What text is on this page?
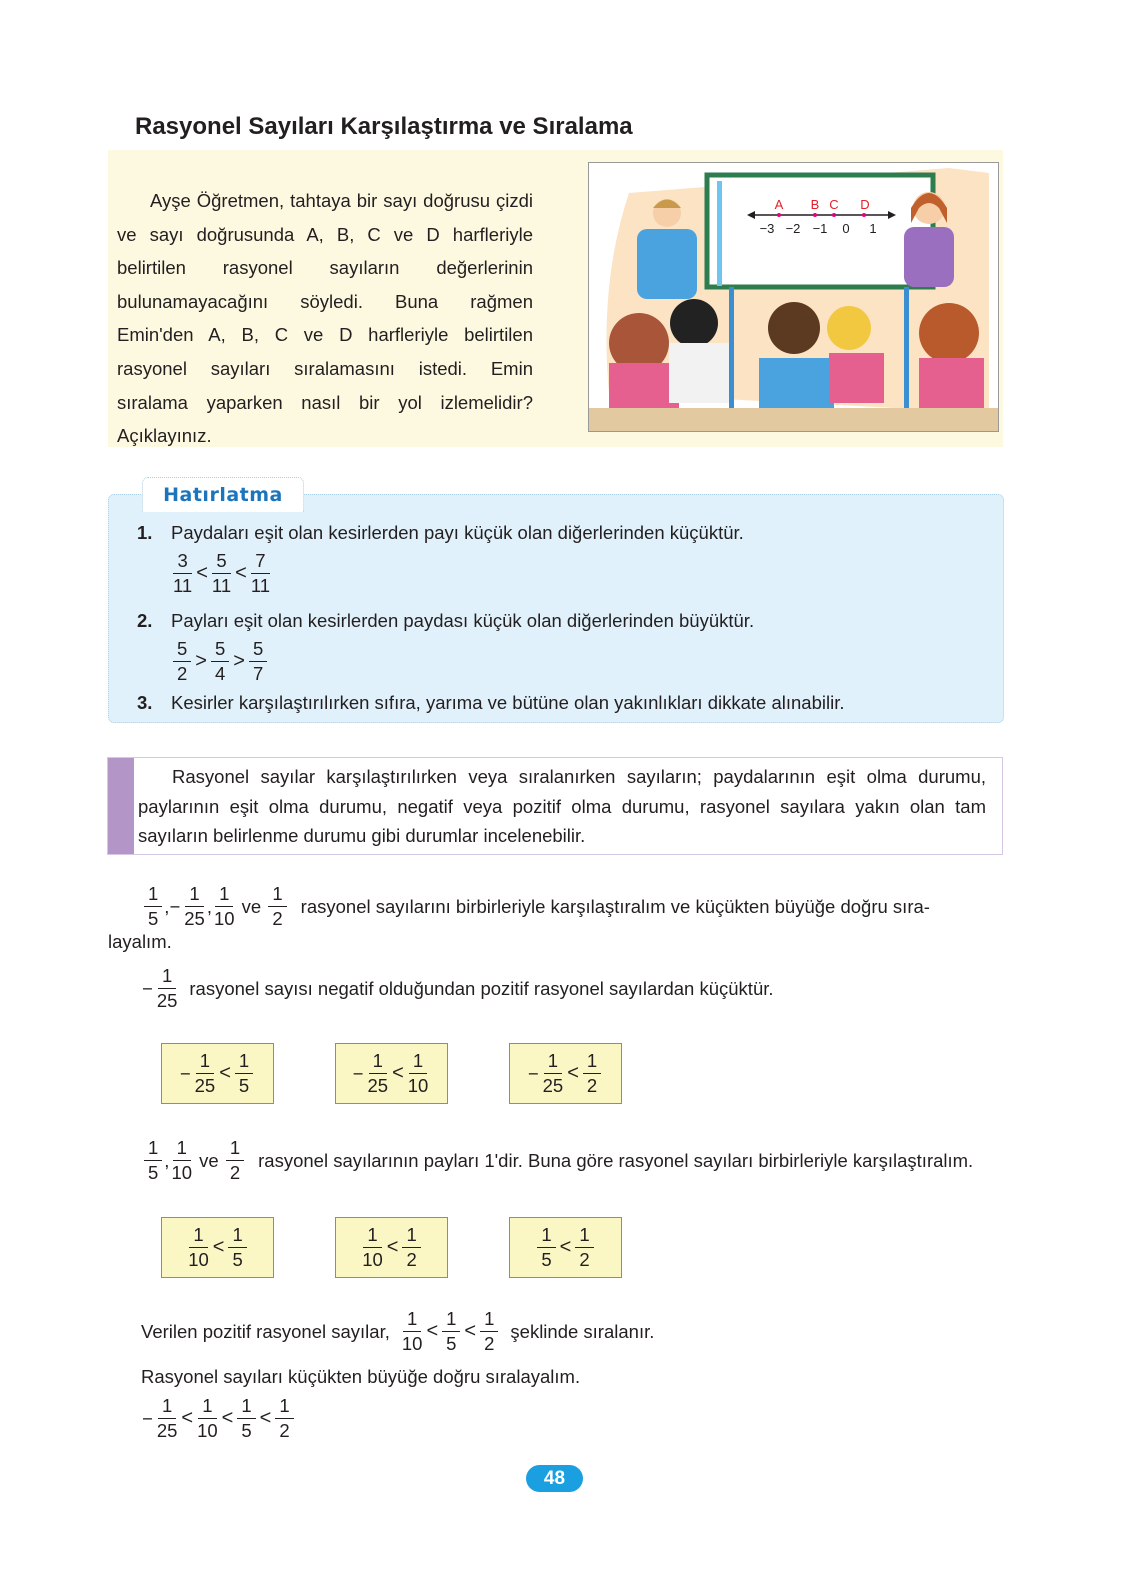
Rasyonel Sayıları Karşılaştırma ve Sıralama

Ayşe Öğretmen, tahtaya bir sayı doğrusu çizdi ve sayı doğrusunda A, B, C ve D harfleriyle belirtilen rasyonel sayıların değerlerinin bulunamayacağını söyledi. Buna rağmen Emin'den A, B, C ve D harfleriyle belirtilen rasyonel sayıları sıralamasını istedi. Emin sıralama yaparken nasıl bir yol izlemelidir? Açıklayınız.

A B C D
−3 −2 −1 0 1
Hatırlatma
1. Paydaları eşit olan kesirlerden payı küçük olan diğerlerinden küçüktür.
$\frac{3}{11} < \frac{5}{11} < \frac{7}{11}$
2. Payları eşit olan kesirlerden paydası küçük olan diğerlerinden büyüktür.
$\frac{5}{2} > \frac{5}{4} > \frac{5}{7}$
3. Kesirler karşılaştırılırken sıfıra, yarıma ve bütüne olan yakınlıkları dikkate alınabilir.

Rasyonel sayılar karşılaştırılırken veya sıralanırken sayıların; paydalarının eşit olma durumu, paylarının eşit olma durumu, negatif veya pozitif olma durumu, rasyonel sayılara yakın olan tam sayıların belirlenme durumu gibi durumlar incelenebilir.

$\frac{1}{5}$ , − $\frac{1}{25}$ , $\frac{1}{10}$ ve $\frac{1}{2}$ rasyonel sayılarını birbirleriyle karşılaştıralım ve küçükten büyüğe doğru sıra-
layalım.
− $\frac{1}{25}$ rasyonel sayısı negatif olduğundan pozitif rasyonel sayılardan küçüktür.
− $\frac{1}{25} < \frac{1}{5}$	− $\frac{1}{25} < \frac{1}{10}$	− $\frac{1}{25} < \frac{1}{2}$
$\frac{1}{5}$ , $\frac{1}{10}$ ve $\frac{1}{2}$ rasyonel sayılarının payları 1'dir. Buna göre rasyonel sayıları birbirleriyle karşılaştıralım.
$\frac{1}{10} < \frac{1}{5}$	$\frac{1}{10} < \frac{1}{2}$	$\frac{1}{5} < \frac{1}{2}$
Verilen pozitif rasyonel sayılar, $\frac{1}{10} < \frac{1}{5} < \frac{1}{2}$ şeklinde sıralanır.
Rasyonel sayıları küçükten büyüğe doğru sıralayalım.
− $\frac{1}{25} < \frac{1}{10} < \frac{1}{5} < \frac{1}{2}$
48
